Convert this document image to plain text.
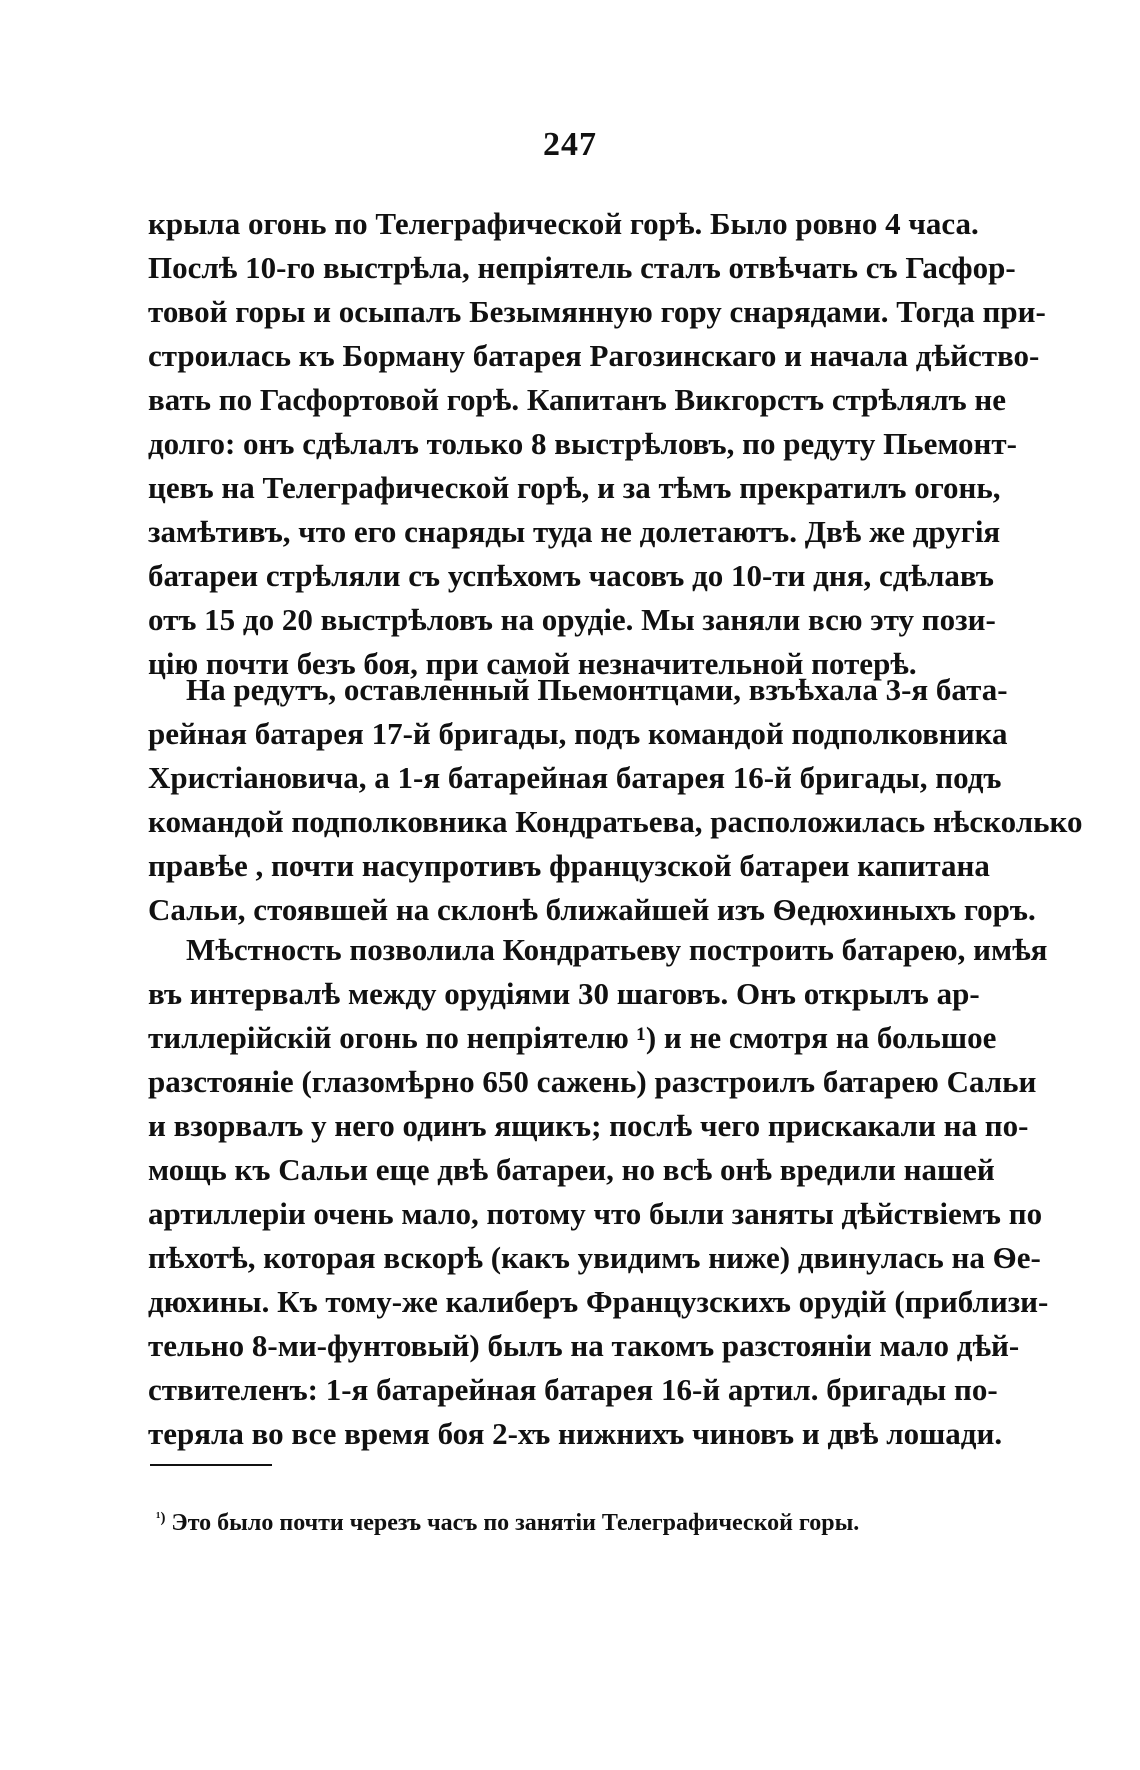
247
крыла огонь по Телеграфической горѣ. Было ровно 4 часа.
Послѣ 10-го выстрѣла, непріятель сталъ отвѣчать съ Гасфор-
товой горы и осыпалъ Безымянную гору снарядами. Тогда при-
строилась къ Борману батарея Рагозинскаго и начала дѣйство-
вать по Гасфортовой горѣ. Капитанъ Викгорстъ стрѣлялъ не
долго: онъ сдѣлалъ только 8 выстрѣловъ, по редуту Пьемонт-
цевъ на Телеграфической горѣ, и за тѣмъ прекратилъ огонь,
замѣтивъ, что его снаряды туда не долетаютъ. Двѣ же другія
батареи стрѣляли съ успѣхомъ часовъ до 10-ти дня, сдѣлавъ
отъ 15 до 20 выстрѣловъ на орудіе. Мы заняли всю эту пози-
цію почти безъ боя, при самой незначительной потерѣ.
На редутъ, оставленный Пьемонтцами, взъѣхала 3-я бата-
рейная батарея 17-й бригады, подъ командой подполковника
Христіановича, а 1-я батарейная батарея 16-й бригады, подъ
командой подполковника Кондратьева, расположилась нѣсколько
правѣе , почти насупротивъ французской батареи капитана
Сальи, стоявшей на склонѣ ближайшей изъ Ѳедюхиныхъ горъ.
Мѣстность позволила Кондратьеву построить батарею, имѣя
въ интервалѣ между орудіями 30 шаговъ. Онъ открылъ ар-
тиллерійскій огонь по непріятелю ¹) и не смотря на большое
разстояніе (глазомѣрно 650 сажень) разстроилъ батарею Сальи
и взорвалъ у него одинъ ящикъ; послѣ чего прискакали на по-
мощь къ Сальи еще двѣ батареи, но всѣ онѣ вредили нашей
артиллеріи очень мало, потому что были заняты дѣйствіемъ по
пѣхотѣ, которая вскорѣ (какъ увидимъ ниже) двинулась на Ѳе-
дюхины. Къ тому-же калиберъ Французскихъ орудій (приблизи-
тельно 8-ми-фунтовый) былъ на такомъ разстояніи мало дѣй-
ствителенъ: 1-я батарейная батарея 16-й артил. бригады по-
теряла во все время боя 2-хъ нижнихъ чиновъ и двѣ лошади.
$^{^1)}$ Это было почти черезъ часъ по занятіи Телеграфической горы.
